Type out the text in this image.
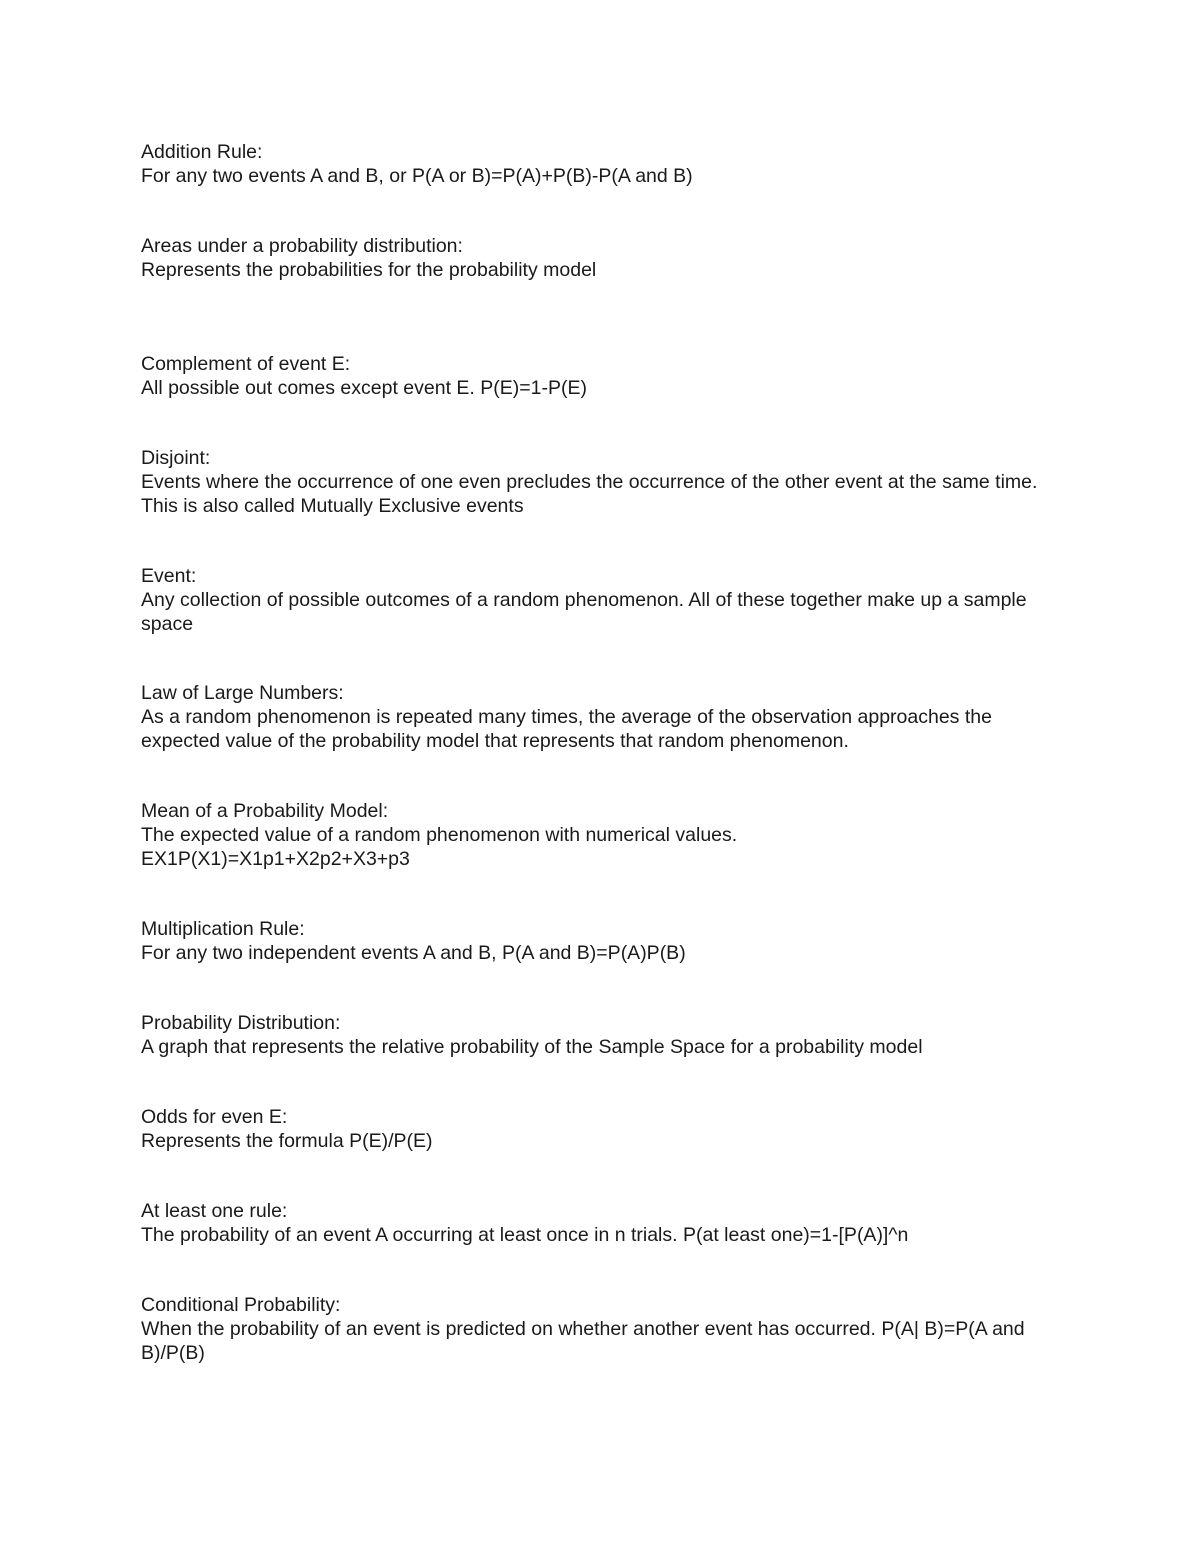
Addition Rule:
For any two events A and B, or P(A or B)=P(A)+P(B)-P(A and B)
Areas under a probability distribution:
Represents the probabilities for the probability model
Complement of event E:
All possible out comes except event E. P(E)=1-P(E)
Disjoint:
Events where the occurrence of one even precludes the occurrence of the other event at the same time. This is also called Mutually Exclusive events
Event:
Any collection of possible outcomes of a random phenomenon. All of these together make up a sample space
Law of Large Numbers:
As a random phenomenon is repeated many times, the average of the observation approaches the expected value of the probability model that represents that random phenomenon.
Mean of a Probability Model:
The expected value of a random phenomenon with numerical values.
EX1P(X1)=X1p1+X2p2+X3+p3
Multiplication Rule:
For any two independent events A and B, P(A and B)=P(A)P(B)
Probability Distribution:
A graph that represents the relative probability of the Sample Space for a probability model
Odds for even E:
Represents the formula P(E)/P(E)
At least one rule:
The probability of an event A occurring at least once in n trials. P(at least one)=1-[P(A)]^n
Conditional Probability:
When the probability of an event is predicted on whether another event has occurred. P(A| B)=P(A and B)/P(B)
